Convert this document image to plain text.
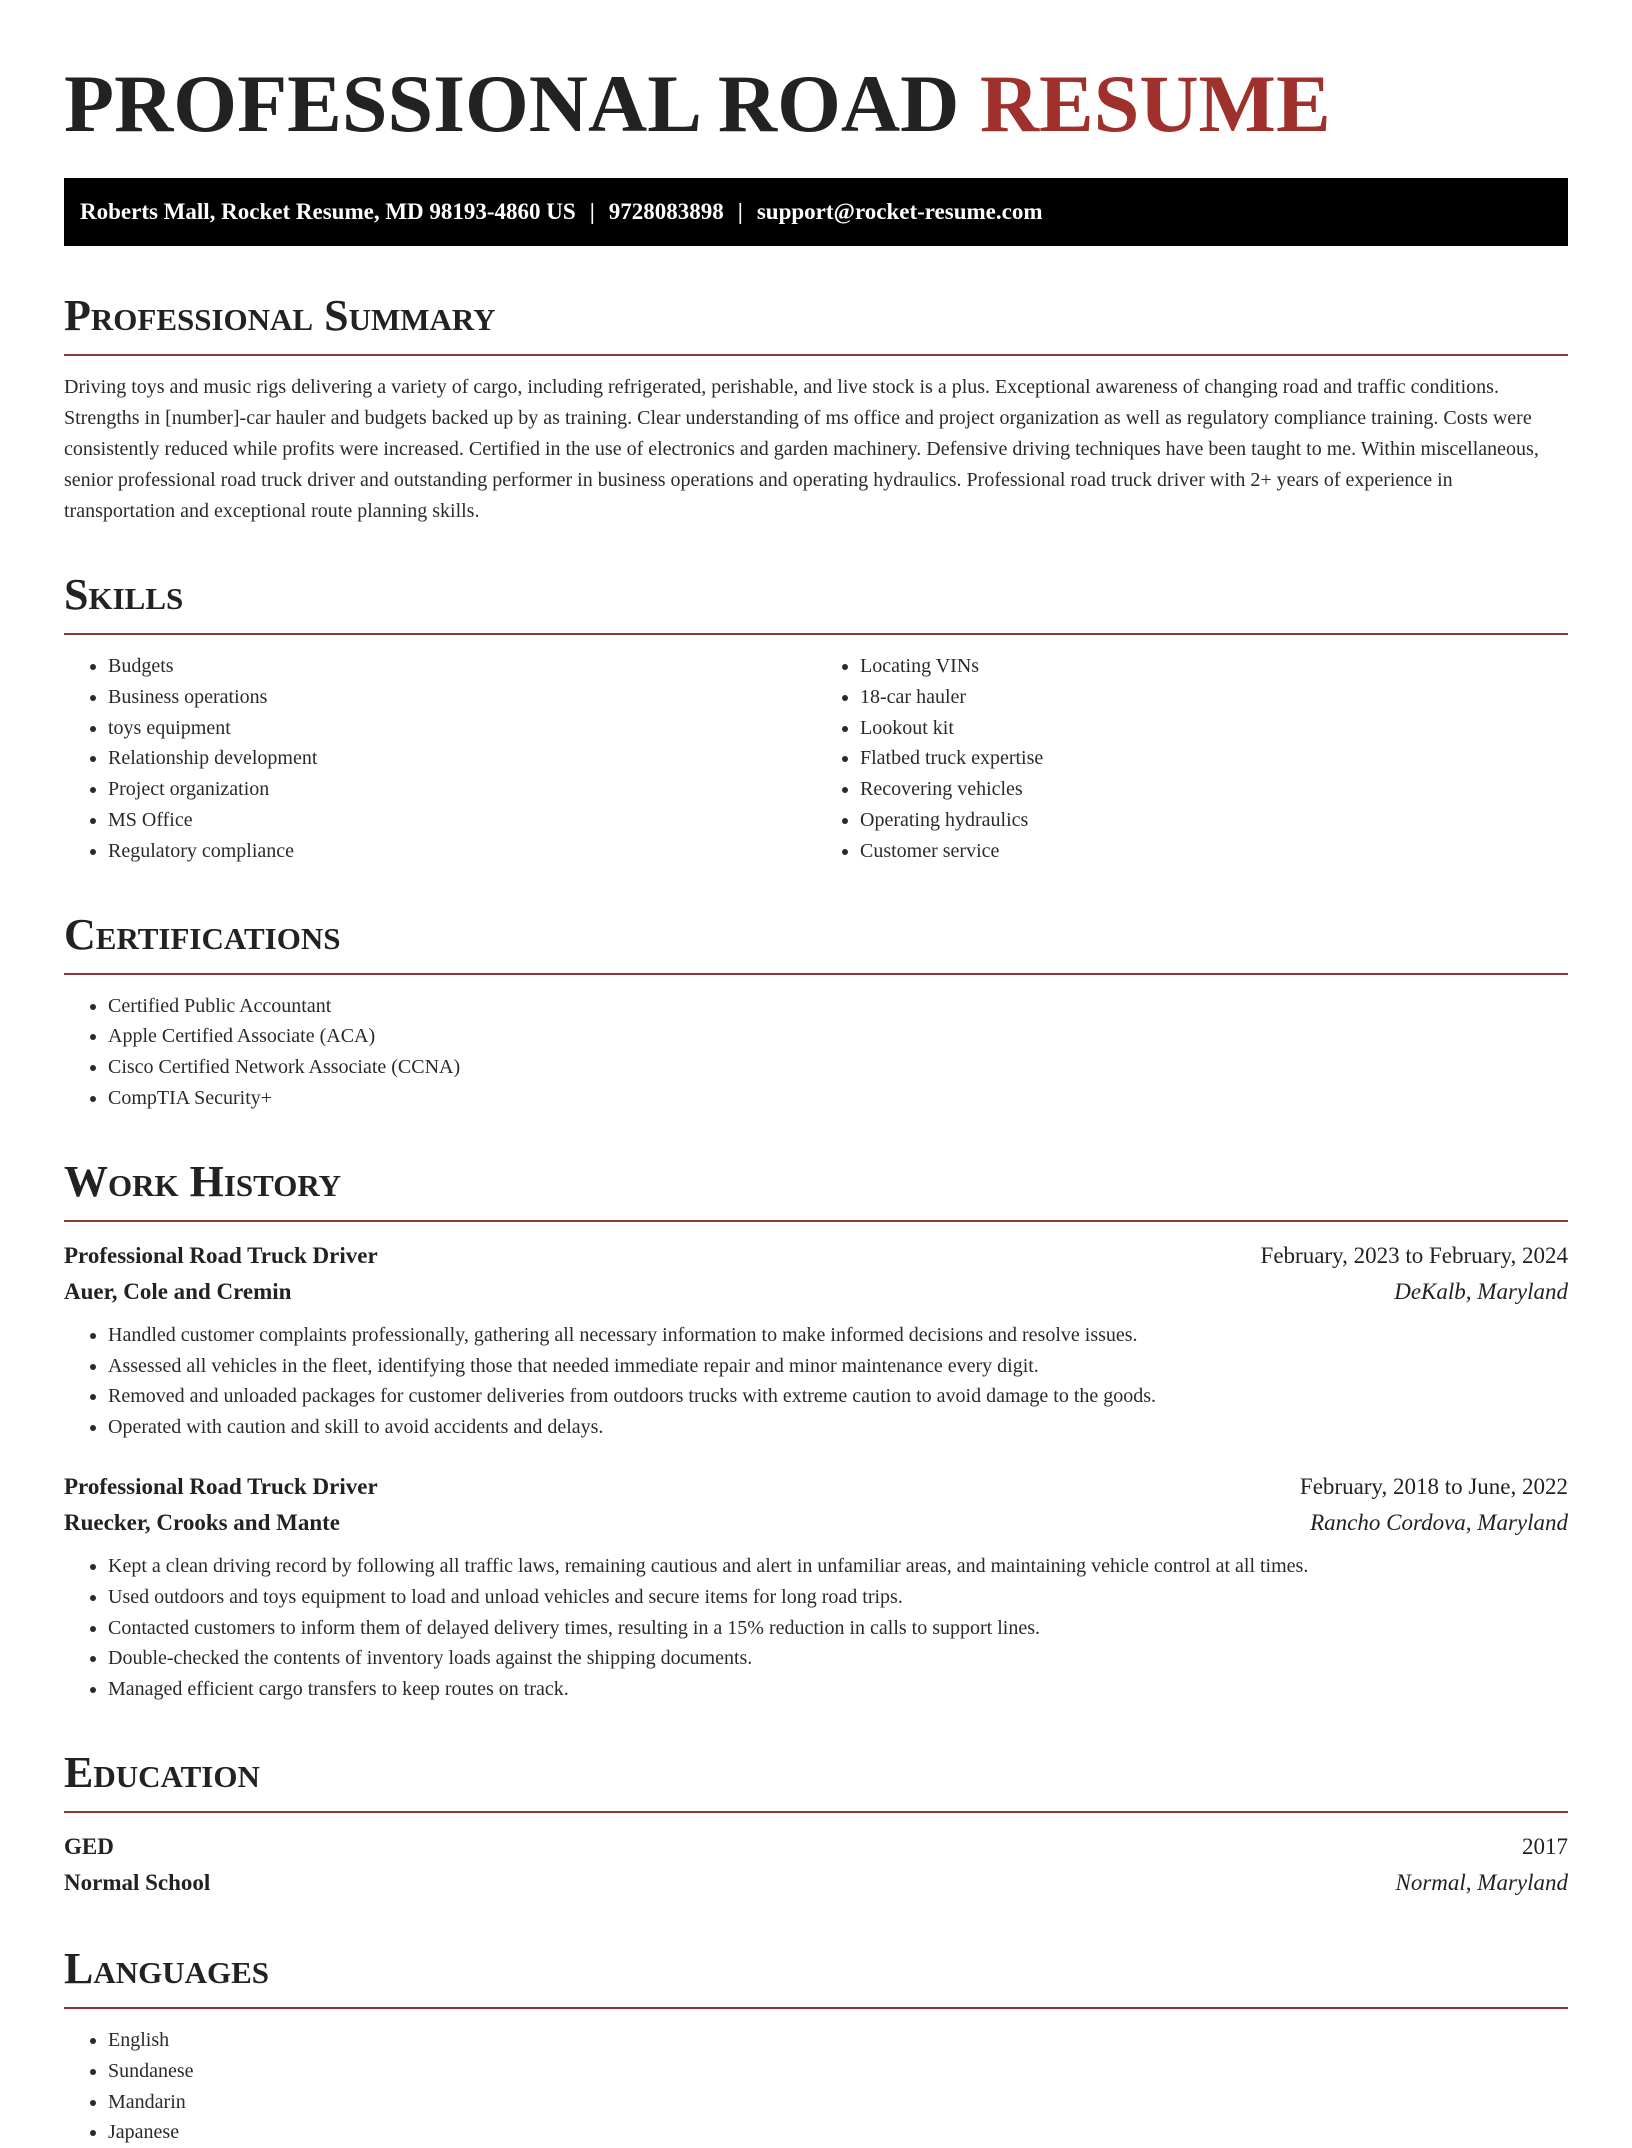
PROFESSIONAL ROAD RESUME
Roberts Mall, Rocket Resume, MD 98193-4860 US | 9728083898 | support@rocket-resume.com
Professional Summary

Driving toys and music rigs delivering a variety of cargo, including refrigerated, perishable, and live stock is a plus. Exceptional awareness of changing road and traffic conditions. Strengths in [number]-car hauler and budgets backed up by as training. Clear understanding of ms office and project organization as well as regulatory compliance training. Costs were consistently reduced while profits were increased. Certified in the use of electronics and garden machinery. Defensive driving techniques have been taught to me. Within miscellaneous, senior professional road truck driver and outstanding performer in business operations and operating hydraulics. Professional road truck driver with 2+ years of experience in transportation and exceptional route planning skills.

Skills
• Budgets
• Business operations
• toys equipment
• Relationship development
• Project organization
• MS Office
• Regulatory compliance
• Locating VINs
• 18-car hauler
• Lookout kit
• Flatbed truck expertise
• Recovering vehicles
• Operating hydraulics
• Customer service
Certifications
• Certified Public Accountant
• Apple Certified Associate (ACA)
• Cisco Certified Network Associate (CCNA)
• CompTIA Security+
Work History
Professional Road Truck Driver	February, 2023 to February, 2024
Auer, Cole and Cremin	DeKalb, Maryland
• Handled customer complaints professionally, gathering all necessary information to make informed decisions and resolve issues.
• Assessed all vehicles in the fleet, identifying those that needed immediate repair and minor maintenance every digit.
• Removed and unloaded packages for customer deliveries from outdoors trucks with extreme caution to avoid damage to the goods.
• Operated with caution and skill to avoid accidents and delays.
Professional Road Truck Driver	February, 2018 to June, 2022
Ruecker, Crooks and Mante	Rancho Cordova, Maryland
• Kept a clean driving record by following all traffic laws, remaining cautious and alert in unfamiliar areas, and maintaining vehicle control at all times.
• Used outdoors and toys equipment to load and unload vehicles and secure items for long road trips.
• Contacted customers to inform them of delayed delivery times, resulting in a 15% reduction in calls to support lines.
• Double-checked the contents of inventory loads against the shipping documents.
• Managed efficient cargo transfers to keep routes on track.
Education
GED	2017
Normal School	Normal, Maryland
Languages
• English
• Sundanese
• Mandarin
• Japanese
